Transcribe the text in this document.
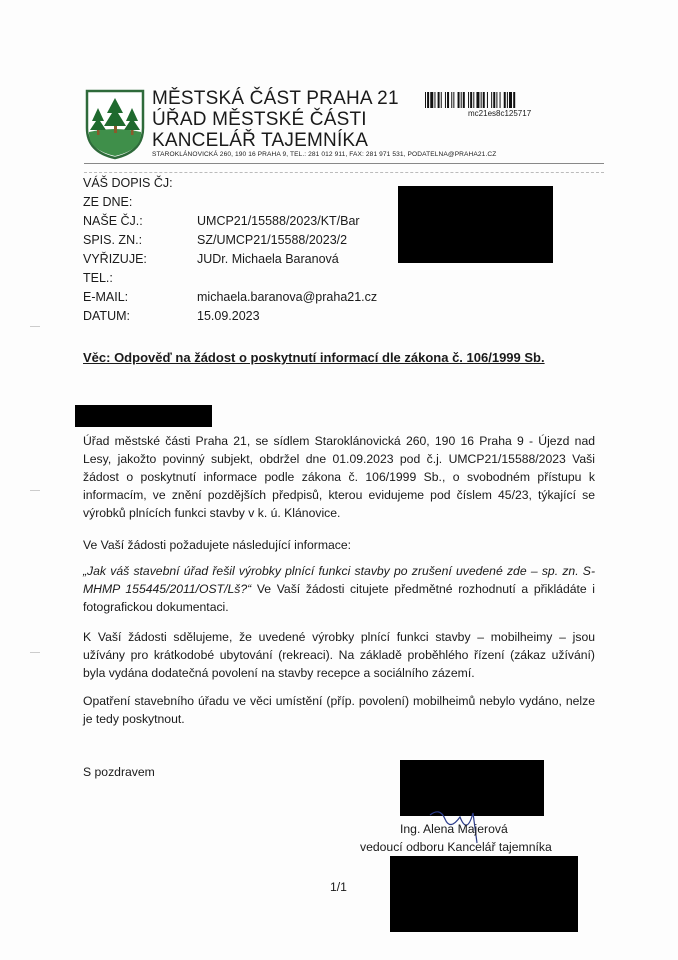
MĚSTSKÁ ČÁST PRAHA 21
ÚŘAD MĚSTSKÉ ČÁSTI
KANCELÁŘ TAJEMNÍKA
STAROKLÁNOVICKÁ 260, 190 16 PRAHA 9, TEL.: 281 012 911, FAX: 281 971 531, PODATELNA@PRAHA21.CZ
mc21es8c125717
VÁŠ DOPIS ČJ:
ZE DNE:
NAŠE ČJ.:	UMCP21/15588/2023/KT/Bar
SPIS. ZN.:	SZ/UMCP21/15588/2023/2
VYŘIZUJE:	JUDr. Michaela Baranová
TEL.:
E-MAIL:	michaela.baranova@praha21.cz
DATUM:	15.09.2023
Věc: Odpověď na žádost o poskytnutí informací dle zákona č. 106/1999 Sb.
Úřad městské části Praha 21, se sídlem Staroklánovická 260, 190 16 Praha 9 - Újezd nad Lesy, jakožto povinný subjekt, obdržel dne 01.09.2023 pod č.j. UMCP21/15588/2023 Vaši žádost o poskytnutí informace podle zákona č. 106/1999 Sb., o svobodném přístupu k informacím, ve znění pozdějších předpisů, kterou evidujeme pod číslem 45/23, týkající se výrobků plnících funkci stavby v k. ú. Klánovice.
Ve Vaší žádosti požadujete následující informace:
„Jak váš stavební úřad řešil výrobky plnící funkci stavby po zrušení uvedené zde – sp. zn. S-MHMP 155445/2011/OST/Lš?“ Ve Vaší žádosti citujete předmětné rozhodnutí a přikládáte i fotografickou dokumentaci.
K Vaší žádosti sdělujeme, že uvedené výrobky plnící funkci stavby – mobilheimy – jsou užívány pro krátkodobé ubytování (rekreaci). Na základě proběhlého řízení (zákaz užívání) byla vydána dodatečná povolení na stavby recepce a sociálního zázemí.
Opatření stavebního úřadu ve věci umístění (příp. povolení) mobilheimů nebylo vydáno, nelze je tedy poskytnout.
S pozdravem
Ing. Alena Majerová
vedoucí odboru Kancelář tajemníka
1/1
